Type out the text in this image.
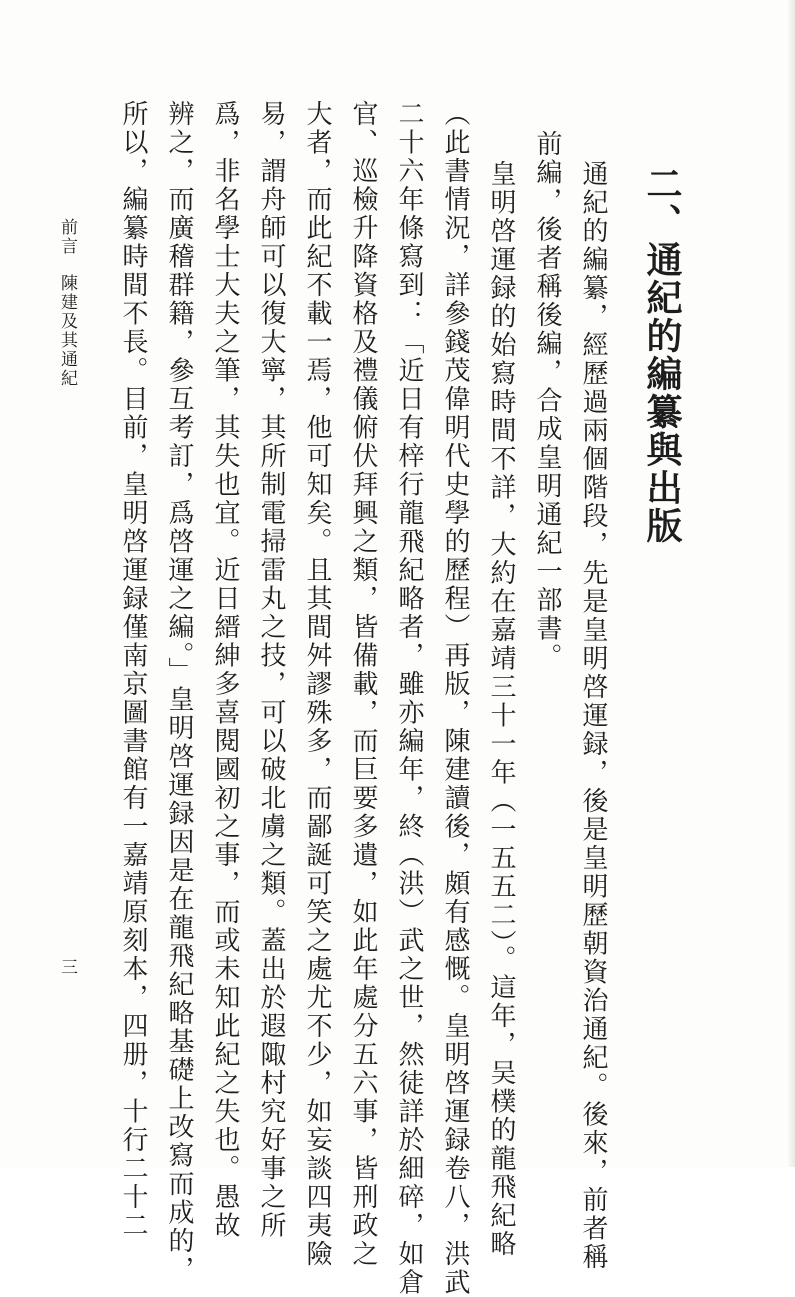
二、通紀的編纂與出版
通紀的編纂，經歷過兩個階段，先是皇明啓運録，後是皇明歷朝資治通紀。後來，前者稱
前編，後者稱後編，合成皇明通紀一部書。
皇明啓運録的始寫時間不詳，大約在嘉靖三十一年（一五五二）。這年，吴樸的龍飛紀略
（此書情況，詳參錢茂偉明代史學的歷程）再版，陳建讀後，頗有感慨。皇明啓運録卷八，洪武
二十六年條寫到：「近日有梓行龍飛紀略者，雖亦編年，終（洪）武之世，然徒詳於細碎，如倉
官、巡檢升降資格及禮儀俯伏拜興之類，皆備載，而巨要多遺，如此年處分五六事，皆刑政之
大者，而此紀不載一焉，他可知矣。且其間舛謬殊多，而鄙誕可笑之處尤不少，如妄談四夷險
易，謂舟師可以復大寧，其所制電掃雷丸之技，可以破北虜之類。蓋出於遐陬村究好事之所
爲，非名學士大夫之筆，其失也宜。近日縉紳多喜閱國初之事，而或未知此紀之失也。愚故
辨之，而廣稽群籍，參互考訂，爲啓運之編。」皇明啓運録因是在龍飛紀略基礎上改寫而成的，
所以，編纂時間不長。目前，皇明啓運録僅南京圖書館有一嘉靖原刻本，四册，十行二十二
前言陳建及其通紀
三
